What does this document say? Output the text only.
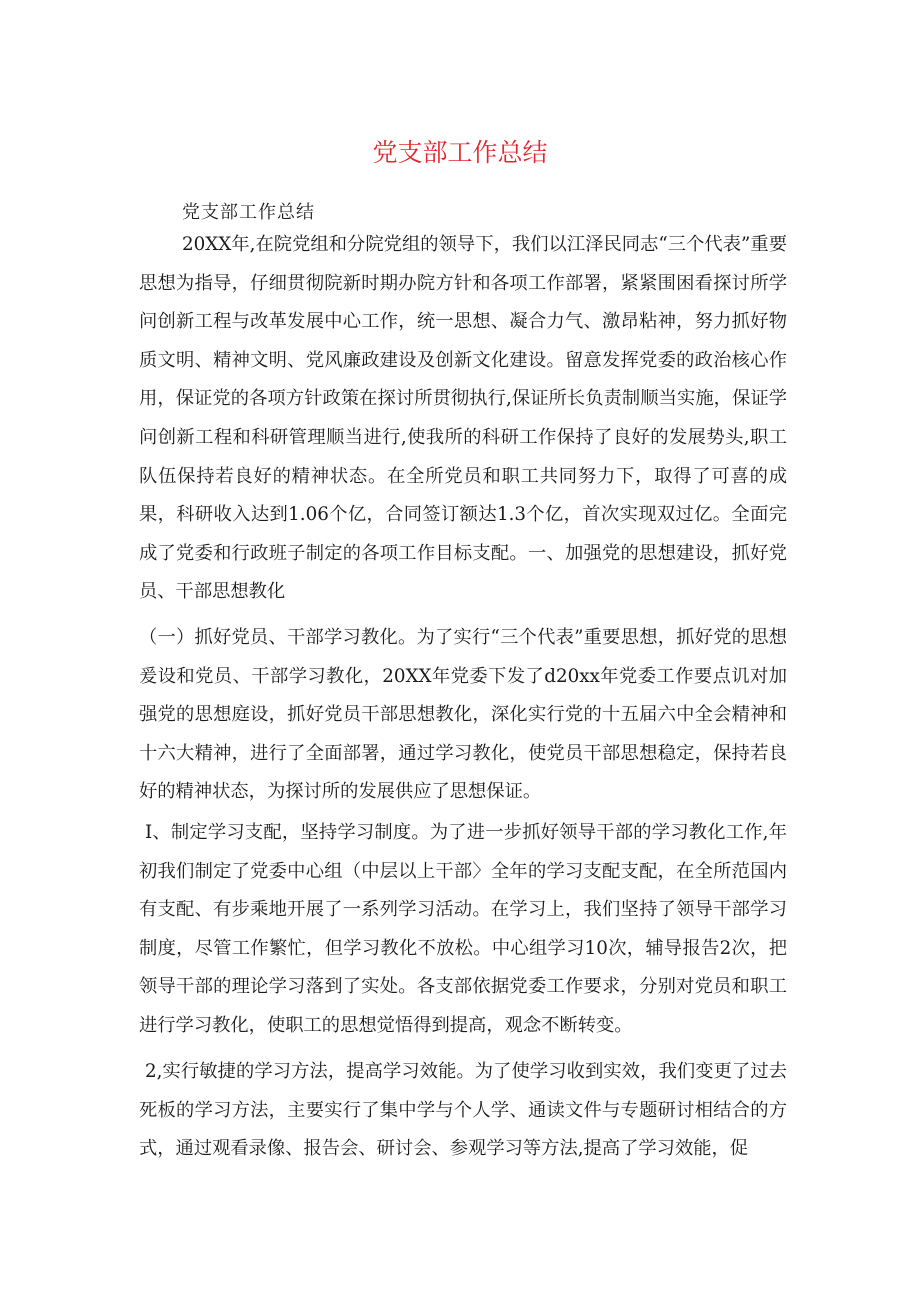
党支部工作总结
党支部工作总结

20XX年,在院党组和分院党组的领导下，我们以江泽民同志“三个代表”重要思想为指导，仔细贯彻院新时期办院方针和各项工作部署，紧紧围困看探讨所学问创新工程与改革发展中心工作，统一思想、凝合力气、激昂粘神，努力抓好物质文明、精神文明、党风廉政建设及创新文化建设。留意发挥党委的政治核心作用，保证党的各项方针政策在探讨所贯彻执行,保证所长负责制顺当实施，保证学问创新工程和科研管理顺当进行,使我所的科研工作保持了良好的发展势头,职工队伍保持若良好的精神状态。在全所党员和职工共同努力下，取得了可喜的成果，科研收入达到1.06个亿，合同签订额达1.3个亿，首次实现双过亿。全面完成了党委和行政班子制定的各项工作目标支配。一、加强党的思想建设，抓好党员、干部思想教化

（一）抓好党员、干部学习教化。为了实行“三个代表”重要思想，抓好党的思想爰设和党员、干部学习教化，20XX年党委下发了d20xx年党委工作要点讥对加强党的思想庭设，抓好党员干部思想教化，深化实行党的十五届六中全会精神和十六大精神，进行了全面部署，通过学习教化，使党员干部思想稳定，保持若良好的精神状态，为探讨所的发展供应了思想保证。

I、制定学习支配，坚持学习制度。为了进一步抓好领导干部的学习教化工作,年初我们制定了党委中心组（中层以上干部〉全年的学习支配支配，在全所范国内有支配、有步乘地开展了一系列学习活动。在学习上，我们坚持了领导干部学习制度，尽管工作繁忙，但学习教化不放松。中心组学习10次，辅导报告2次，把领导干部的理论学习落到了实处。各支部依据党委工作要求，分别对党员和职工进行学习教化，使职工的思想觉悟得到提高，观念不断转变。

2,实行敏捷的学习方法，提高学习效能。为了使学习收到实效，我们变更了过去死板的学习方法，主要实行了集中学与个人学、通读文件与专题研讨相结合的方式，通过观看录像、报告会、研讨会、参观学习等方法,提高了学习效能，促
